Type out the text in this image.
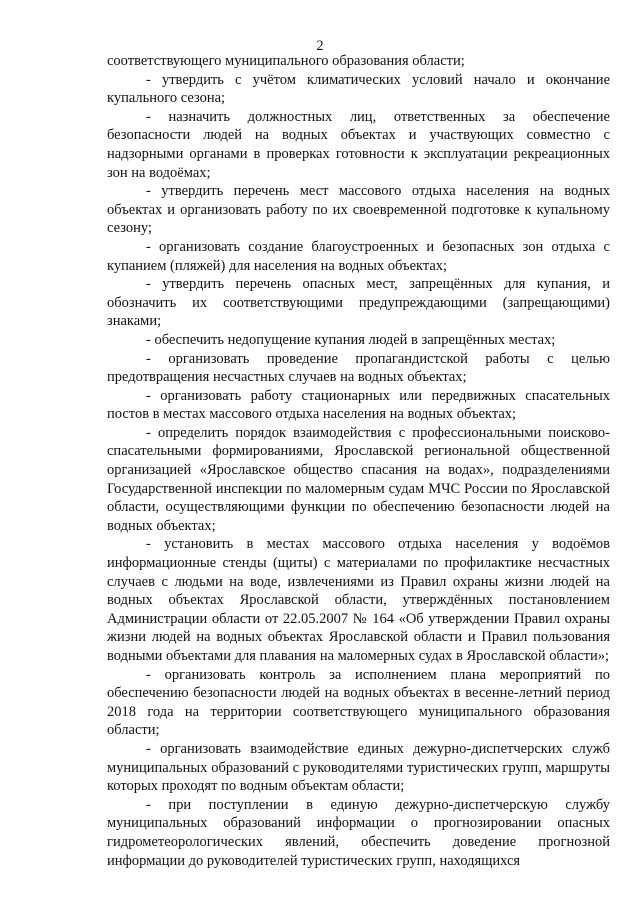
2

соответствующего муниципального образования области;

- утвердить с учётом климатических условий начало и окончание купального сезона;

- назначить должностных лиц, ответственных за обеспечение безопасности людей на водных объектах и участвующих совместно с надзорными органами в проверках готовности к эксплуатации рекреационных зон на водоёмах;

- утвердить перечень мест массового отдыха населения на водных объектах и организовать работу по их своевременной подготовке к купальному сезону;

- организовать создание благоустроенных и безопасных зон отдыха с купанием (пляжей) для населения на водных объектах;

- утвердить перечень опасных мест, запрещённых для купания, и обозначить их соответствующими предупреждающими (запрещающими) знаками;

- обеспечить недопущение купания людей в запрещённых местах;

- организовать проведение пропагандистской работы с целью предотвращения несчастных случаев на водных объектах;

- организовать работу стационарных или передвижных спасательных постов в местах массового отдыха населения на водных объектах;

- определить порядок взаимодействия с профессиональными поисково-спасательными формированиями, Ярославской региональной общественной организацией «Ярославское общество спасания на водах», подразделениями Государственной инспекции по маломерным судам МЧС России по Ярославской области, осуществляющими функции по обеспечению безопасности людей на водных объектах;

- установить в местах массового отдыха населения у водоёмов информационные стенды (щиты) с материалами по профилактике несчастных случаев с людьми на воде, извлечениями из Правил охраны жизни людей на водных объектах Ярославской области, утверждённых постановлением Администрации области от 22.05.2007 № 164 «Об утверждении Правил охраны жизни людей на водных объектах Ярославской области и Правил пользования водными объектами для плавания на маломерных судах в Ярославской области»;

- организовать контроль за исполнением плана мероприятий по обеспечению безопасности людей на водных объектах в весенне-летний период 2018 года на территории соответствующего муниципального образования области;

- организовать взаимодействие единых дежурно-диспетчерских служб муниципальных образований с руководителями туристических групп, маршруты которых проходят по водным объектам области;

- при поступлении в единую дежурно-диспетчерскую службу муниципальных образований информации о прогнозировании опасных гидрометеорологических явлений, обеспечить доведение прогнозной информации до руководителей туристических групп, находящихся
